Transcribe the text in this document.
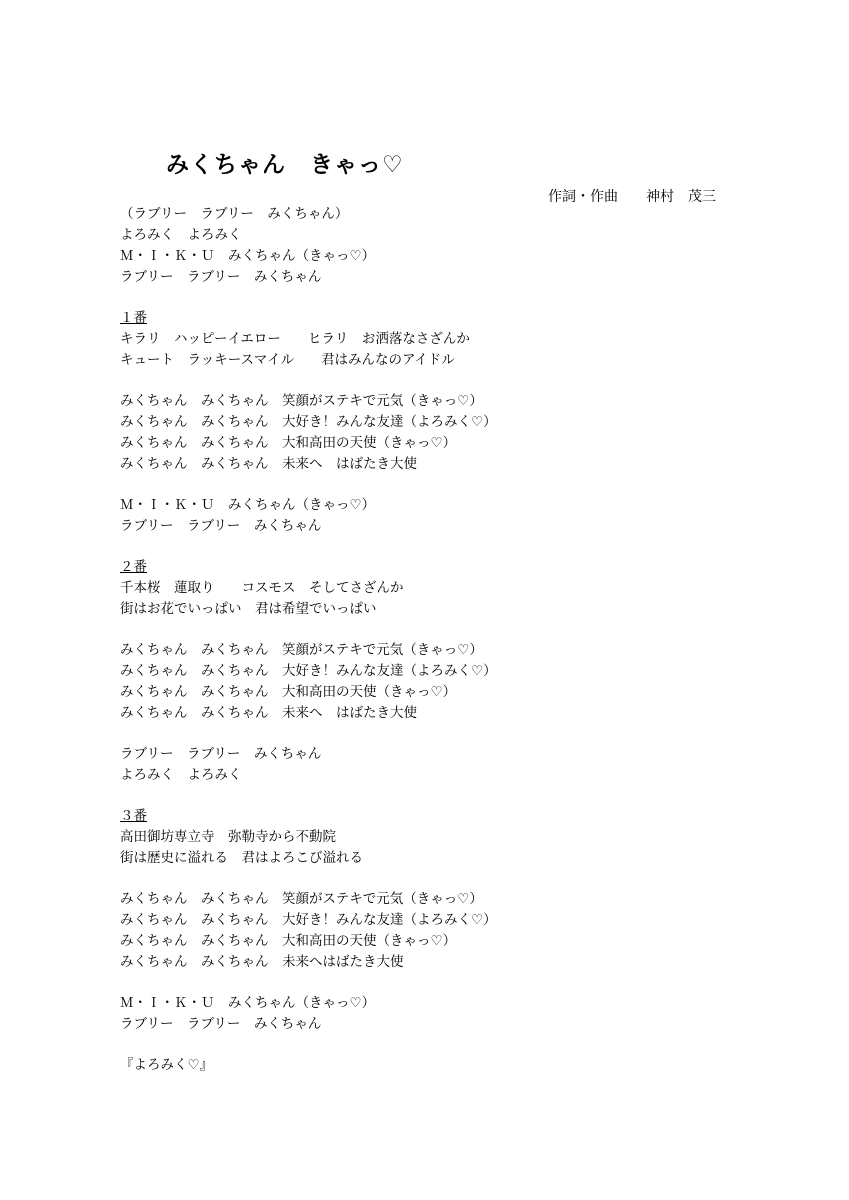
みくちゃん　きゃっ♡
作詞・作曲　　神村　茂三
（ラブリー　ラブリー　みくちゃん）
よろみく　よろみく
Ｍ・Ｉ・Ｋ・Ｕ　みくちゃん（きゃっ♡）
ラブリー　ラブリー　みくちゃん
１番
キラリ　ハッピーイエロー　　ヒラリ　お洒落なさざんか
キュート　ラッキースマイル　　君はみんなのアイドル
みくちゃん　みくちゃん　笑顔がステキで元気（きゃっ♡）
みくちゃん　みくちゃん　大好き！みんな友達（よろみく♡）
みくちゃん　みくちゃん　大和高田の天使（きゃっ♡）
みくちゃん　みくちゃん　未来へ　はばたき大使
Ｍ・Ｉ・Ｋ・Ｕ　みくちゃん（きゃっ♡）
ラブリー　ラブリー　みくちゃん
２番
千本桜　蓮取り　　コスモス　そしてさざんか
街はお花でいっぱい　君は希望でいっぱい
みくちゃん　みくちゃん　笑顔がステキで元気（きゃっ♡）
みくちゃん　みくちゃん　大好き！みんな友達（よろみく♡）
みくちゃん　みくちゃん　大和高田の天使（きゃっ♡）
みくちゃん　みくちゃん　未来へ　はばたき大使
ラブリー　ラブリー　みくちゃん
よろみく　よろみく
３番
高田御坊専立寺　弥勒寺から不動院
街は歴史に溢れる　君はよろこび溢れる
みくちゃん　みくちゃん　笑顔がステキで元気（きゃっ♡）
みくちゃん　みくちゃん　大好き！みんな友達（よろみく♡）
みくちゃん　みくちゃん　大和高田の天使（きゃっ♡）
みくちゃん　みくちゃん　未来へはばたき大使
Ｍ・Ｉ・Ｋ・Ｕ　みくちゃん（きゃっ♡）
ラブリー　ラブリー　みくちゃん
『よろみく♡』
